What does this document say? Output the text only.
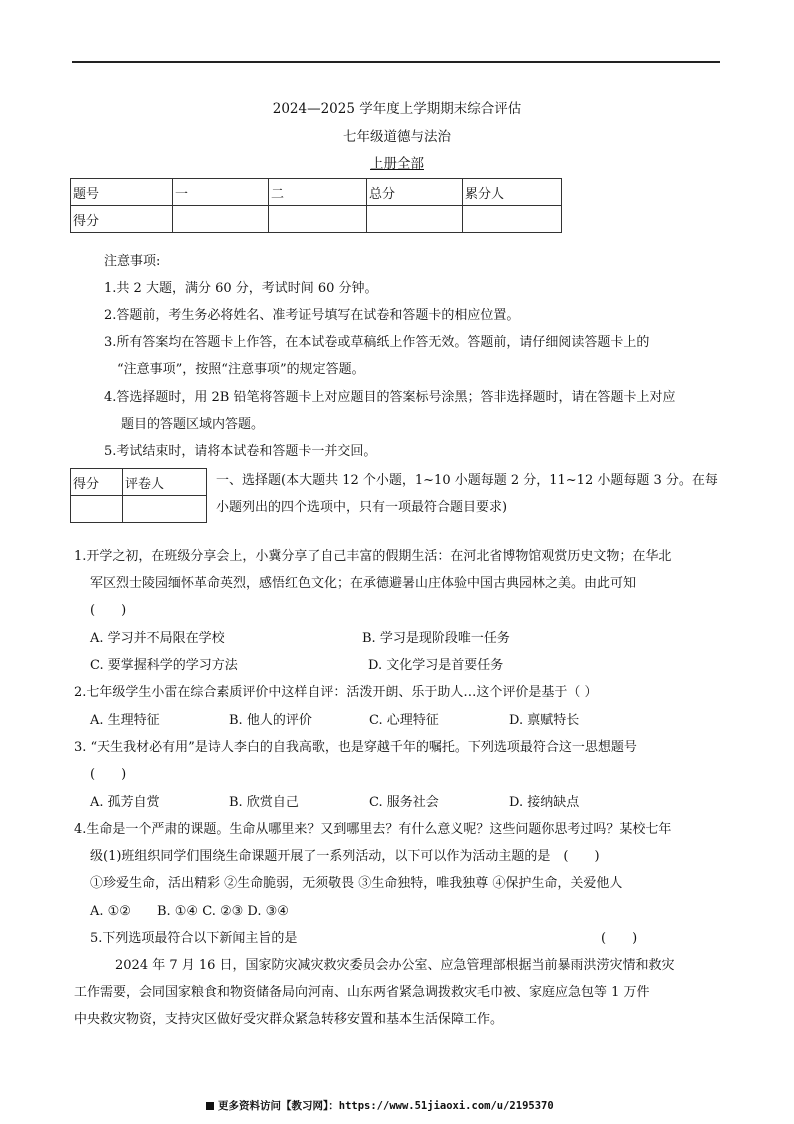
2024—2025 学年度上学期期末综合评估
七年级道德与法治
上册全部
题号	一	二	总分	累分人
得分				
注意事项:
1.共 2 大题，满分 60 分，考试时间 60 分钟。
2.答题前，考生务必将姓名、准考证号填写在试卷和答题卡的相应位置。
3.所有答案均在答题卡上作答，在本试卷或草稿纸上作答无效。答题前，请仔细阅读答题卡上的
“注意事项”，按照“注意事项”的规定答题。
4.答选择题时，用 2B 铅笔将答题卡上对应题目的答案标号涂黑；答非选择题时，请在答题卡上对应
题目的答题区域内答题。
5.考试结束时，请将本试卷和答题卡一并交回。
得分	评卷人
		一、选择题(本大题共 12 个小题，1~10 小题每题 2 分，11~12 小题每题 3 分。在每
小题列出的四个选项中，只有一项最符合题目要求)
1.开学之初，在班级分享会上，小冀分享了自己丰富的假期生活：在河北省博物馆观赏历史文物；在华北
军区烈士陵园缅怀革命英烈，感悟红色文化；在承德避暑山庄体验中国古典园林之美。由此可知
(　　)
A. 学习并不局限在学校	B. 学习是现阶段唯一任务
C. 要掌握科学的学习方法	D. 文化学习是首要任务
2.七年级学生小雷在综合素质评价中这样自评：活泼开朗、乐于助人…这个评价是基于（ ）
A. 生理特征	B. 他人的评价	C. 心理特征	D. 禀赋特长
3. “天生我材必有用”是诗人李白的自我高歌，也是穿越千年的嘱托。下列选项最符合这一思想题号
(　　)
A. 孤芳自赏	B. 欣赏自己	C. 服务社会	D. 接纳缺点
4.生命是一个严肃的课题。生命从哪里来？又到哪里去？有什么意义呢？这些问题你思考过吗？某校七年
级(1)班组织同学们围绕生命课题开展了一系列活动，以下可以作为活动主题的是　(　　)
①珍爱生命，活出精彩 ②生命脆弱，无须敬畏 ③生命独特，唯我独尊 ④保护生命，关爱他人
A. ①②　　B. ①④ C. ②③ D. ③④
5.下列选项最符合以下新闻主旨的是	(　　)
2024 年 7 月 16 日，国家防灾减灾救灾委员会办公室、应急管理部根据当前暴雨洪涝灾情和救灾
工作需要，会同国家粮食和物资储备局向河南、山东两省紧急调拨救灾毛巾被、家庭应急包等 1 万件
中央救灾物资，支持灾区做好受灾群众紧急转移安置和基本生活保障工作。
更多资料访问【教习网】：https://www.51jiaoxi.com/u/2195370
